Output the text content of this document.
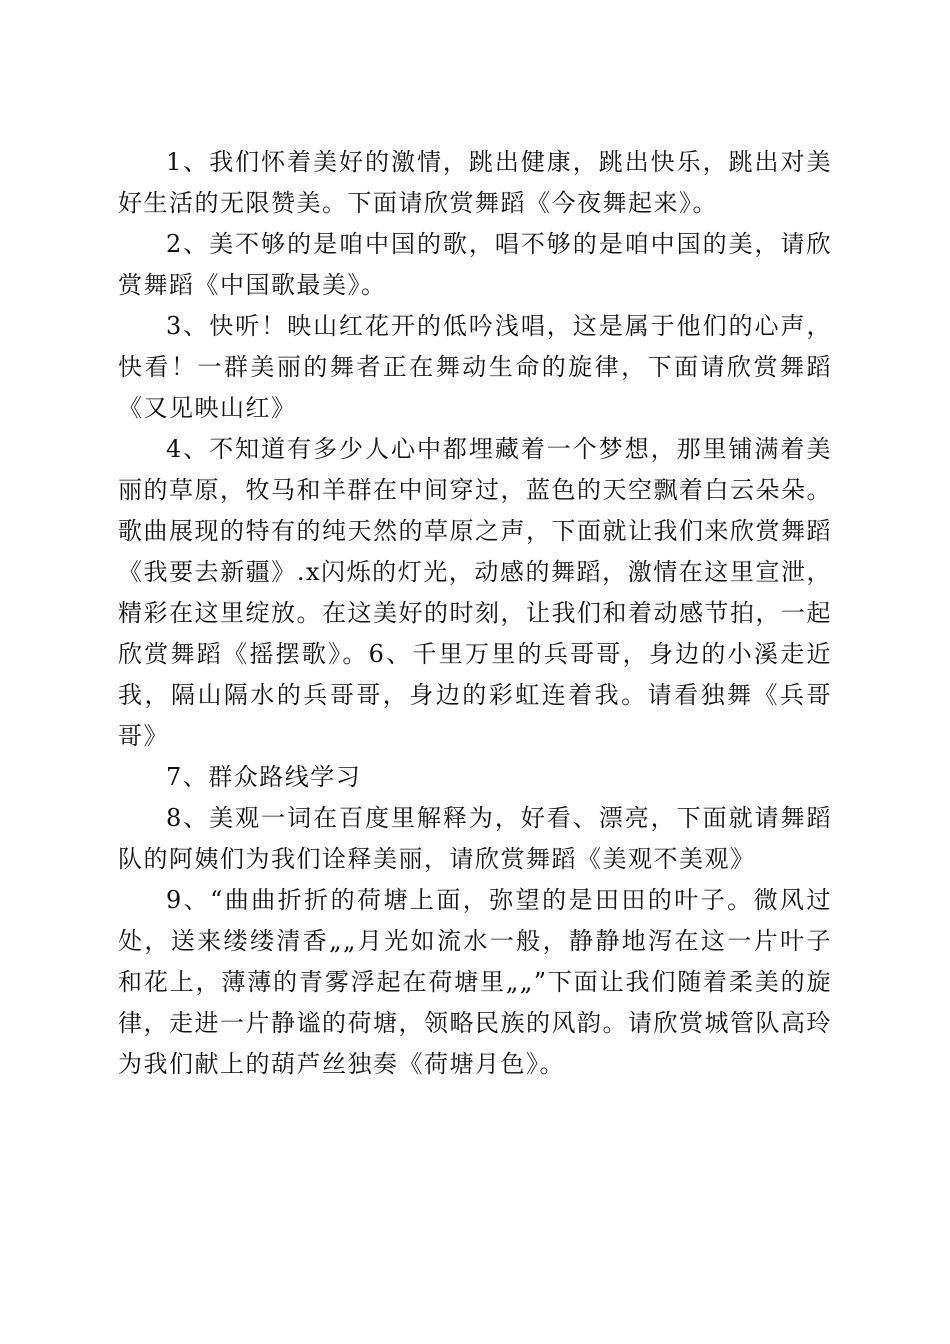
1、我们怀着美好的激情，跳出健康，跳出快乐，跳出对美好生活的无限赞美。下面请欣赏舞蹈《今夜舞起来》。

2、美不够的是咱中国的歌，唱不够的是咱中国的美，请欣赏舞蹈《中国歌最美》。

3、快听！映山红花开的低吟浅唱，这是属于他们的心声，快看！一群美丽的舞者正在舞动生命的旋律，下面请欣赏舞蹈《又见映山红》

4、不知道有多少人心中都埋藏着一个梦想，那里铺满着美丽的草原，牧马和羊群在中间穿过，蓝色的天空飘着白云朵朵。歌曲展现的特有的纯天然的草原之声，下面就让我们来欣赏舞蹈《我要去新疆》.x闪烁的灯光，动感的舞蹈，激情在这里宣泄，精彩在这里绽放。在这美好的时刻，让我们和着动感节拍，一起欣赏舞蹈《摇摆歌》。6、千里万里的兵哥哥，身边的小溪走近我，隔山隔水的兵哥哥，身边的彩虹连着我。请看独舞《兵哥哥》

7、群众路线学习

8、美观一词在百度里解释为，好看、漂亮，下面就请舞蹈队的阿姨们为我们诠释美丽，请欣赏舞蹈《美观不美观》

9、“曲曲折折的荷塘上面，弥望的是田田的叶子。微风过处，送来缕缕清香„„月光如流水一般，静静地泻在这一片叶子和花上，薄薄的青雾浮起在荷塘里„„”下面让我们随着柔美的旋律，走进一片静谧的荷塘，领略民族的风韵。请欣赏城管队高玲为我们献上的葫芦丝独奏《荷塘月色》。
